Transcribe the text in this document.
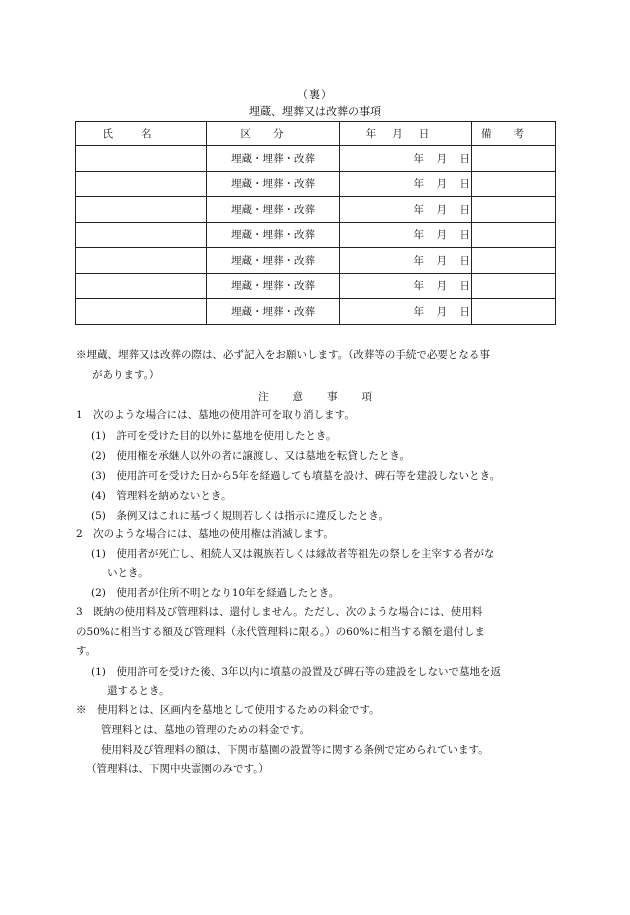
（裏）
埋蔵、埋葬又は改葬の事項
氏名	区分	年月日	備考
	埋蔵・埋葬・改葬	年　月　日	
	埋蔵・埋葬・改葬	年　月　日	
	埋蔵・埋葬・改葬	年　月　日	
	埋蔵・埋葬・改葬	年　月　日	
	埋蔵・埋葬・改葬	年　月　日	
	埋蔵・埋葬・改葬	年　月　日	
	埋蔵・埋葬・改葬	年　月　日	
※埋蔵、埋葬又は改葬の際は、必ず記入をお願いします。（改葬等の手続で必要となる事
があります。）
注意事項
1　次のような場合には、墓地の使用許可を取り消します。
(1)　許可を受けた目的以外に墓地を使用したとき。
(2)　使用権を承継人以外の者に譲渡し、又は墓地を転貸したとき。
(3)　使用許可を受けた日から5年を経過しても墳墓を設け、碑石等を建設しないとき。
(4)　管理料を納めないとき。
(5)　条例又はこれに基づく規則若しくは指示に違反したとき。
2　次のような場合には、墓地の使用権は消滅します。
(1)　使用者が死亡し、相続人又は親族若しくは縁故者等祖先の祭しを主宰する者がな
いとき。
(2)　使用者が住所不明となり10年を経過したとき。
3　既納の使用料及び管理料は、還付しません。ただし、次のような場合には、使用料
の50%に相当する額及び管理料（永代管理料に限る。）の60%に相当する額を還付しま
す。
(1)　使用許可を受けた後、3年以内に墳墓の設置及び碑石等の建設をしないで墓地を返
還するとき。
※　使用料とは、区画内を墓地として使用するための料金です。
管理料とは、墓地の管理のための料金です。
使用料及び管理料の額は、下関市墓園の設置等に関する条例で定められています。
（管理料は、下関中央霊園のみです。）
